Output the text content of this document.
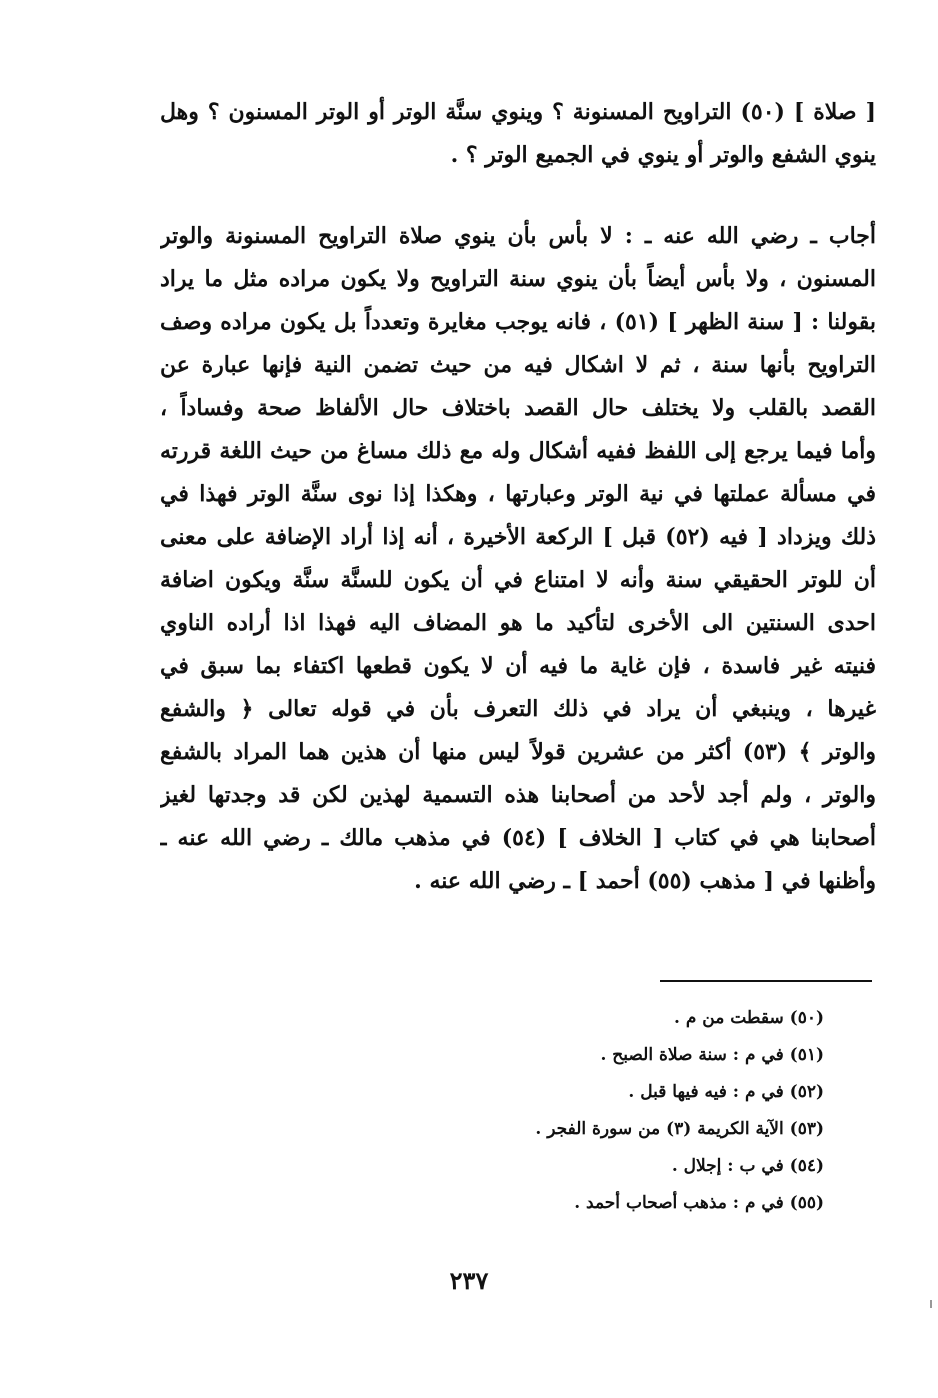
[ صلاة ] (٥٠) التراويح المسنونة ؟ وينوي سنَّة الوتر أو الوتر المسنون ؟ وهل
ينوي الشفع والوتر أو ينوي في الجميع الوتر ؟ .
أجاب ـ رضي الله عنه ـ : لا بأس بأن ينوي صلاة التراويح المسنونة والوتر
المسنون ، ولا بأس أيضاً بأن ينوي سنة التراويح ولا يكون مراده مثل ما يراد
بقولنا : [ سنة الظهر ] (٥١) ، فانه يوجب مغايرة وتعدداً بل يكون مراده وصف
التراويح بأنها سنة ، ثم لا اشكال فيه من حيث تضمن النية فإنها عبارة عن
القصد بالقلب ولا يختلف حال القصد باختلاف حال الألفاظ صحة وفساداً ،
وأما فيما يرجع إلى اللفظ ففيه أشكال وله مع ذلك مساغ من حيث اللغة قررته
في مسألة عملتها في نية الوتر وعبارتها ، وهكذا إذا نوى سنَّة الوتر فهذا في
ذلك ويزداد [ فيه (٥٢) قبل ] الركعة الأخيرة ، أنه إذا أراد الإضافة على معنى
أن للوتر الحقيقي سنة وأنه لا امتناع في أن يكون للسنَّة سنَّة ويكون اضافة
احدى السنتين الى الأخرى لتأكيد ما هو المضاف اليه فهذا اذا أراده الناوي
فنيته غير فاسدة ، فإن غاية ما فيه أن لا يكون قطعها اكتفاء بما سبق في
غيرها ، وينبغي أن يراد في ذلك التعرف بأن في قوله تعالى ﴿ والشفع
والوتر ﴾ (٥٣) أكثر من عشرين قولاً ليس منها أن هذين هما المراد بالشفع
والوتر ، ولم أجد لأحد من أصحابنا هذه التسمية لهذين لكن قد وجدتها لغيز
أصحابنا هي في كتاب [ الخلاف ] (٥٤) في مذهب مالك ـ رضي الله عنه ـ
وأظنها في [ مذهب (٥٥) أحمد ] ـ رضي الله عنه .
(٥٠) سقطت من م .
(٥١) في م : سنة صلاة الصبح .
(٥٢) في م : فيه فيها قبل .
(٥٣) الآية الكريمة (٣) من سورة الفجر .
(٥٤) في ب : إجلال .
(٥٥) في م : مذهب أصحاب أحمد .
٢٣٧
